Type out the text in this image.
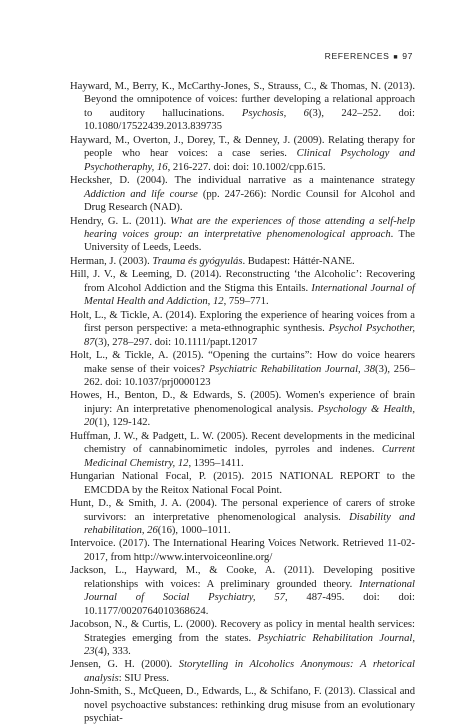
REFERENCES ■ 97

Hayward, M., Berry, K., McCarthy-Jones, S., Strauss, C., & Thomas, N. (2013). Beyond the omnipotence of voices: further developing a relational approach to auditory hallucinations. Psychosis, 6(3), 242–252. doi: 10.1080/17522439.2013.839735

Hayward, M., Overton, J., Dorey, T., & Denney, J. (2009). Relating therapy for people who hear voices: a case series. Clinical Psychology and Psychotheraphy, 16, 216-227. doi: doi: 10.1002/cpp.615.

Hecksher, D. (2004). The individual narrative as a maintenance strategy Addiction and life course (pp. 247-266): Nordic Counsil for Alcohol and Drug Research (NAD).

Hendry, G. L. (2011). What are the experiences of those attending a self-help hearing voices group: an interpretative phenomenological approach. The University of Leeds, Leeds.

Herman, J. (2003). Trauma és gyógyulás. Budapest: Háttér-NANE.

Hill, J. V., & Leeming, D. (2014). Reconstructing ‘the Alcoholic’: Recovering from Alcohol Addiction and the Stigma this Entails. International Journal of Mental Health and Addiction, 12, 759–771.

Holt, L., & Tickle, A. (2014). Exploring the experience of hearing voices from a first person perspective: a meta-ethnographic synthesis. Psychol Psychother, 87(3), 278–297. doi: 10.1111/papt.12017

Holt, L., & Tickle, A. (2015). “Opening the curtains”: How do voice hearers make sense of their voices? Psychiatric Rehabilitation Journal, 38(3), 256–262. doi: 10.1037/prj0000123

Howes, H., Benton, D., & Edwards, S. (2005). Women's experience of brain injury: An interpretative phenomenological analysis. Psychology & Health, 20(1), 129-142.

Huffman, J. W., & Padgett, L. W. (2005). Recent developments in the medicinal chemistry of cannabinomimetic indoles, pyrroles and indenes. Current Medicinal Chemistry, 12, 1395–1411.

Hungarian National Focal, P. (2015). 2015 NATIONAL REPORT to the EMCDDA by the Reitox National Focal Point.

Hunt, D., & Smith, J. A. (2004). The personal experience of carers of stroke survivors: an interpretative phenomenological analysis. Disability and rehabilitation, 26(16), 1000–1011.

Intervoice. (2017). The International Hearing Voices Network. Retrieved 11-02-2017, from http://www.intervoiceonline.org/

Jackson, L., Hayward, M., & Cooke, A. (2011). Developing positive relationships with voices: A preliminary grounded theory. International Journal of Social Psychiatry, 57, 487-495. doi: doi: 10.1177/0020764010368624.

Jacobson, N., & Curtis, L. (2000). Recovery as policy in mental health services: Strategies emerging from the states. Psychiatric Rehabilitation Journal, 23(4), 333.

Jensen, G. H. (2000). Storytelling in Alcoholics Anonymous: A rhetorical analysis: SIU Press.

John-Smith, S., McQueen, D., Edwards, L., & Schifano, F. (2013). Classical and novel psychoactive substances: rethinking drug misuse from an evolutionary psychiat-
